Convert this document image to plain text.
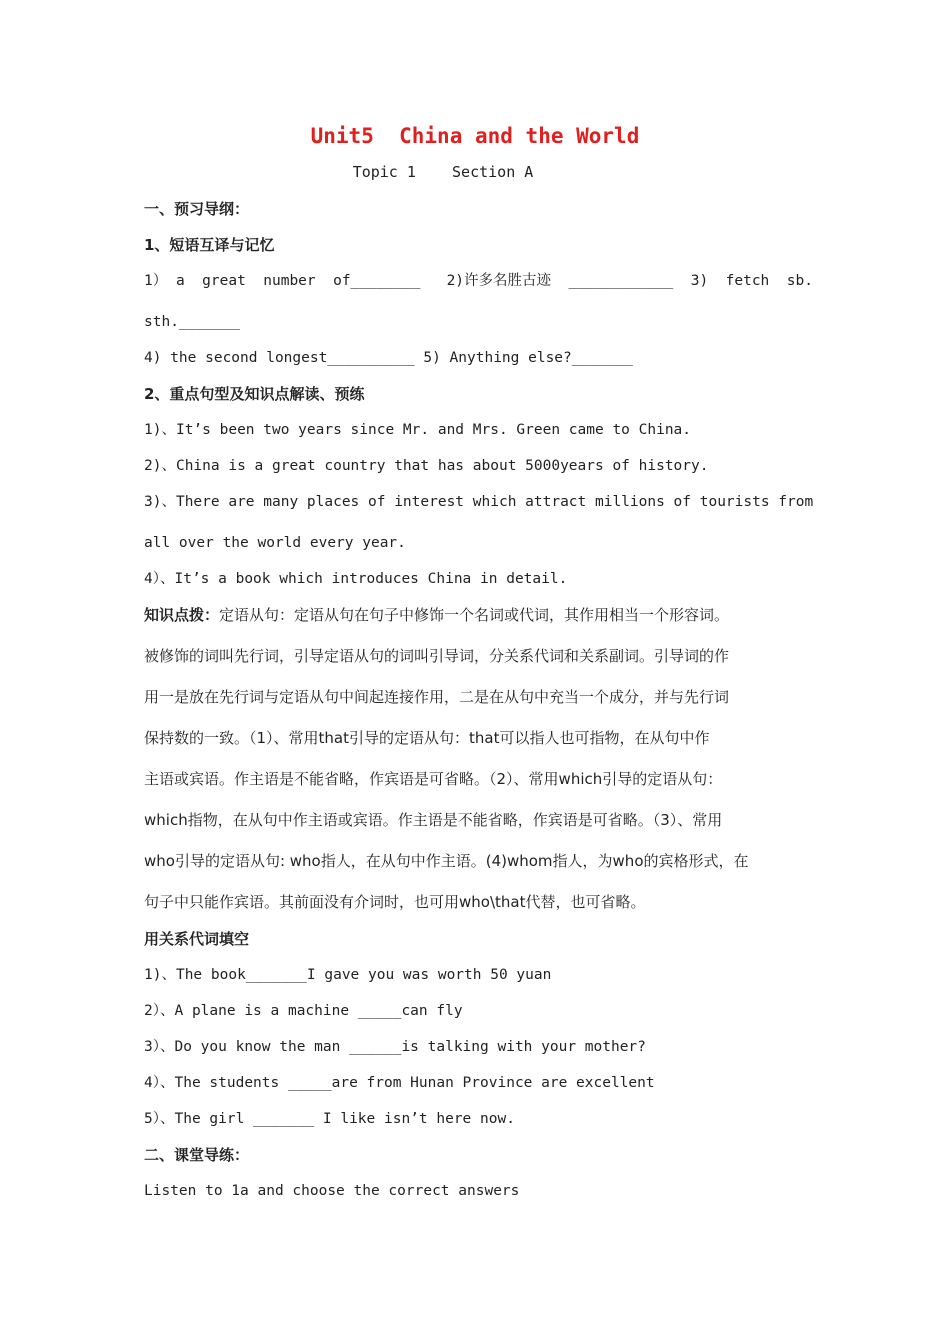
Unit5  China and the World
Topic 1    Section A
一、预习导纲：
1、短语互译与记忆
1） a  great  number  of________   2)许多名胜古迹  ____________  3)  fetch  sb.
sth._______
4) the second longest__________ 5) Anything else?_______
2、重点句型及知识点解读、预练
1)、It’s been two years since Mr. and Mrs. Green came to China.
2)、China is a great country that has about 5000years of history.
3)、There are many places of interest which attract millions of tourists from
all over the world every year.
4）、It’s a book which introduces China in detail.
知识点拨：定语从句：定语从句在句子中修饰一个名词或代词，其作用相当一个形容词。
被修饰的词叫先行词，引导定语从句的词叫引导词，分关系代词和关系副词。引导词的作
用一是放在先行词与定语从句中间起连接作用，二是在从句中充当一个成分，并与先行词
保持数的一致。（1）、常用that引导的定语从句：that可以指人也可指物，在从句中作
主语或宾语。作主语是不能省略，作宾语是可省略。（2）、常用which引导的定语从句：
which指物，在从句中作主语或宾语。作主语是不能省略，作宾语是可省略。（3）、常用
who引导的定语从句: who指人，在从句中作主语。(4)whom指人，为who的宾格形式，在
句子中只能作宾语。其前面没有介词时，也可用who\that代替，也可省略。
用关系代词填空
1)、The book_______I gave you was worth 50 yuan
2）、A plane is a machine _____can fly
3）、Do you know the man ______is talking with your mother?
4）、The students _____are from Hunan Province are excellent
5）、The girl _______ I like isn’t here now.
二、课堂导练：
Listen to 1a and choose the correct answers
